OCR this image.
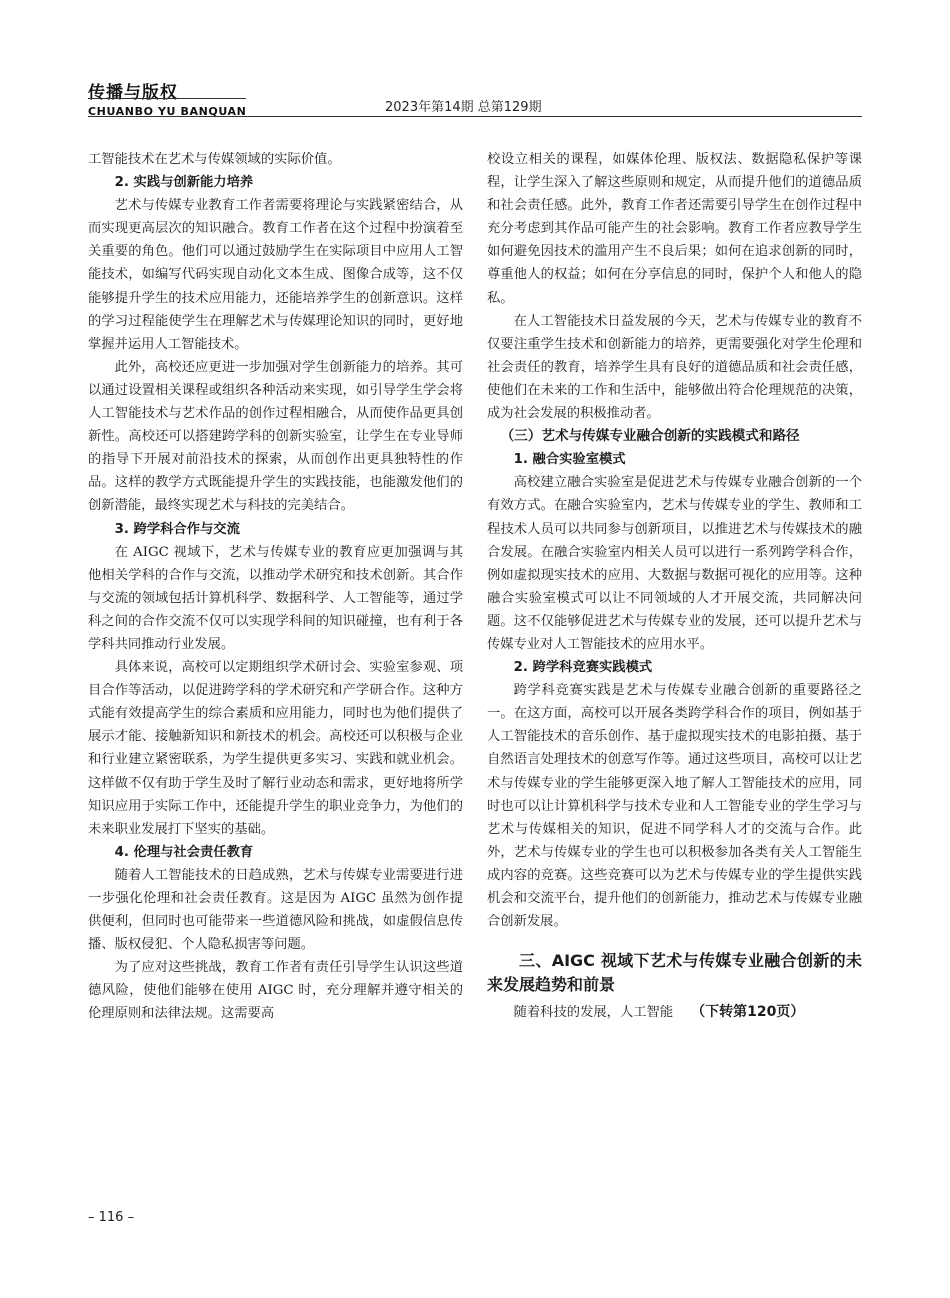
传播与版权
CHUANBO YU BANQUAN	2023年第14期 总第129期

工智能技术在艺术与传媒领域的实际价值。

2. 实践与创新能力培养

艺术与传媒专业教育工作者需要将理论与实践紧密结合，从而实现更高层次的知识融合。教育工作者在这个过程中扮演着至关重要的角色。他们可以通过鼓励学生在实际项目中应用人工智能技术，如编写代码实现自动化文本生成、图像合成等，这不仅能够提升学生的技术应用能力，还能培养学生的创新意识。这样的学习过程能使学生在理解艺术与传媒理论知识的同时，更好地掌握并运用人工智能技术。

此外，高校还应更进一步加强对学生创新能力的培养。其可以通过设置相关课程或组织各种活动来实现，如引导学生学会将人工智能技术与艺术作品的创作过程相融合，从而使作品更具创新性。高校还可以搭建跨学科的创新实验室，让学生在专业导师的指导下开展对前沿技术的探索，从而创作出更具独特性的作品。这样的教学方式既能提升学生的实践技能，也能激发他们的创新潜能，最终实现艺术与科技的完美结合。

3. 跨学科合作与交流

在 AIGC 视域下，艺术与传媒专业的教育应更加强调与其他相关学科的合作与交流，以推动学术研究和技术创新。其合作与交流的领域包括计算机科学、数据科学、人工智能等，通过学科之间的合作交流不仅可以实现学科间的知识碰撞，也有利于各学科共同推动行业发展。

具体来说，高校可以定期组织学术研讨会、实验室参观、项目合作等活动，以促进跨学科的学术研究和产学研合作。这种方式能有效提高学生的综合素质和应用能力，同时也为他们提供了展示才能、接触新知识和新技术的机会。高校还可以积极与企业和行业建立紧密联系，为学生提供更多实习、实践和就业机会。这样做不仅有助于学生及时了解行业动态和需求，更好地将所学知识应用于实际工作中，还能提升学生的职业竞争力，为他们的未来职业发展打下坚实的基础。

4. 伦理与社会责任教育

随着人工智能技术的日趋成熟，艺术与传媒专业需要进行进一步强化伦理和社会责任教育。这是因为 AIGC 虽然为创作提供便利，但同时也可能带来一些道德风险和挑战，如虚假信息传播、版权侵犯、个人隐私损害等问题。

为了应对这些挑战，教育工作者有责任引导学生认识这些道德风险，使他们能够在使用 AIGC 时，充分理解并遵守相关的伦理原则和法律法规。这需要高

校设立相关的课程，如媒体伦理、版权法、数据隐私保护等课程，让学生深入了解这些原则和规定，从而提升他们的道德品质和社会责任感。此外，教育工作者还需要引导学生在创作过程中充分考虑到其作品可能产生的社会影响。教育工作者应教导学生如何避免因技术的滥用产生不良后果；如何在追求创新的同时，尊重他人的权益；如何在分享信息的同时，保护个人和他人的隐私。

在人工智能技术日益发展的今天，艺术与传媒专业的教育不仅要注重学生技术和创新能力的培养，更需要强化对学生伦理和社会责任的教育，培养学生具有良好的道德品质和社会责任感，使他们在未来的工作和生活中，能够做出符合伦理规范的决策，成为社会发展的积极推动者。

（三）艺术与传媒专业融合创新的实践模式和路径
1. 融合实验室模式

高校建立融合实验室是促进艺术与传媒专业融合创新的一个有效方式。在融合实验室内，艺术与传媒专业的学生、教师和工程技术人员可以共同参与创新项目，以推进艺术与传媒技术的融合发展。在融合实验室内相关人员可以进行一系列跨学科合作，例如虚拟现实技术的应用、大数据与数据可视化的应用等。这种融合实验室模式可以让不同领域的人才开展交流，共同解决问题。这不仅能够促进艺术与传媒专业的发展，还可以提升艺术与传媒专业对人工智能技术的应用水平。

2. 跨学科竞赛实践模式

跨学科竞赛实践是艺术与传媒专业融合创新的重要路径之一。在这方面，高校可以开展各类跨学科合作的项目，例如基于人工智能技术的音乐创作、基于虚拟现实技术的电影拍摄、基于自然语言处理技术的创意写作等。通过这些项目，高校可以让艺术与传媒专业的学生能够更深入地了解人工智能技术的应用，同时也可以让计算机科学与技术专业和人工智能专业的学生学习与艺术与传媒相关的知识，促进不同学科人才的交流与合作。此外，艺术与传媒专业的学生也可以积极参加各类有关人工智能生成内容的竞赛。这些竞赛可以为艺术与传媒专业的学生提供实践机会和交流平台，提升他们的创新能力，推动艺术与传媒专业融合创新发展。

三、AIGC 视域下艺术与传媒专业融合创新的未来发展趋势和前景

随着科技的发展，人工智能 （下转第120页）

– 116 –
